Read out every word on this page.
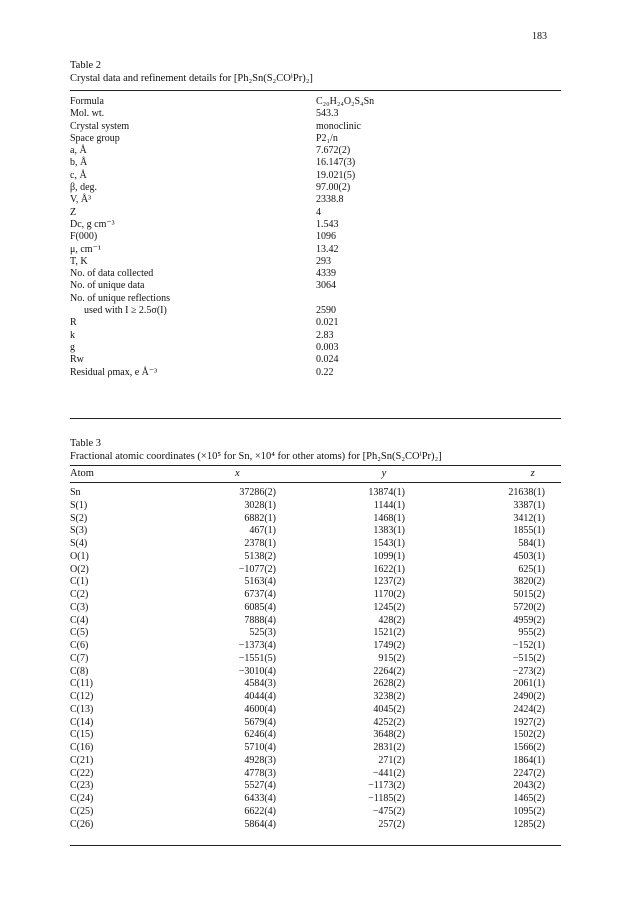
183
Table 2
Crystal data and refinement details for [Ph₂Sn(S₂COⁱPr)₂]
Formula	C₂₀H₂₄O₂S₄Sn
Mol. wt.	543.3
Crystal system	monoclinic
Space group	P2₁/n
a, Å	7.672(2)
b, Å	16.147(3)
c, Å	19.021(5)
β, deg.	97.00(2)
V, Å³	2338.8
Z	4
Dc, g cm⁻³	1.543
F(000)	1096
μ, cm⁻¹	13.42
T, K	293
No. of data collected	4339
No. of unique data	3064
No. of unique reflections
used with I ≥ 2.5σ(I)	2590
R	0.021
k	2.83
g	0.003
Rw	0.024
Residual ρmax, e Å⁻³	0.22
Table 3
Fractional atomic coordinates (×10⁵ for Sn, ×10⁴ for other atoms) for [Ph₂Sn(S₂COⁱPr)₂]
Atom	x	y	z
Sn	37286(2)	13874(1)	21638(1)
S(1)	3028(1)	1144(1)	3387(1)
S(2)	6882(1)	1468(1)	3412(1)
S(3)	467(1)	1383(1)	1855(1)
S(4)	2378(1)	1543(1)	584(1)
O(1)	5138(2)	1099(1)	4503(1)
O(2)	−1077(2)	1622(1)	625(1)
C(1)	5163(4)	1237(2)	3820(2)
C(2)	6737(4)	1170(2)	5015(2)
C(3)	6085(4)	1245(2)	5720(2)
C(4)	7888(4)	428(2)	4959(2)
C(5)	525(3)	1521(2)	955(2)
C(6)	−1373(4)	1749(2)	−152(1)
C(7)	−1551(5)	915(2)	−515(2)
C(8)	−3010(4)	2264(2)	−273(2)
C(11)	4584(3)	2628(2)	2061(1)
C(12)	4044(4)	3238(2)	2490(2)
C(13)	4600(4)	4045(2)	2424(2)
C(14)	5679(4)	4252(2)	1927(2)
C(15)	6246(4)	3648(2)	1502(2)
C(16)	5710(4)	2831(2)	1566(2)
C(21)	4928(3)	271(2)	1864(1)
C(22)	4778(3)	−441(2)	2247(2)
C(23)	5527(4)	−1173(2)	2043(2)
C(24)	6433(4)	−1185(2)	1465(2)
C(25)	6622(4)	−475(2)	1095(2)
C(26)	5864(4)	257(2)	1285(2)
